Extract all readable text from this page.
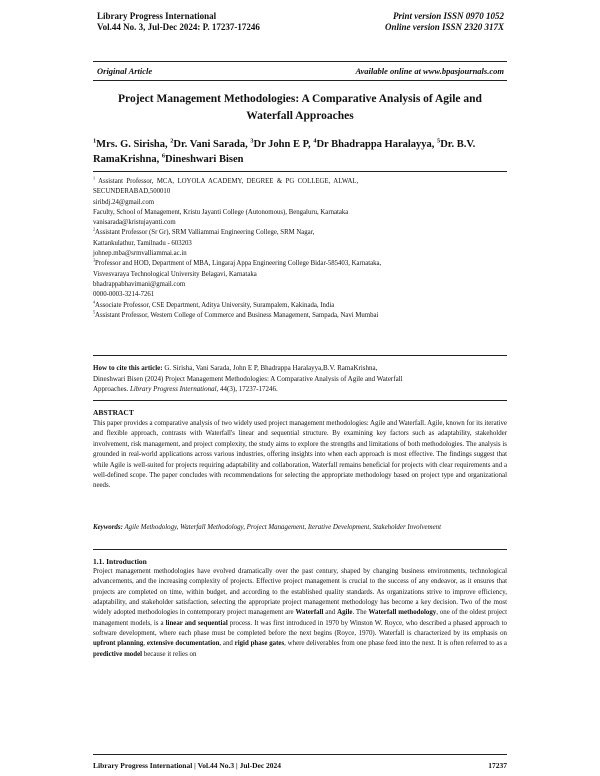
Library Progress International
Vol.44 No. 3, Jul-Dec 2024: P. 17237-17246
Print version ISSN 0970 1052
Online version ISSN 2320 317X
Original Article	Available online at www.bpasjournals.com
Project Management Methodologies: A Comparative Analysis of Agile and
Waterfall Approaches
$^1$Mrs. G. Sirisha, $^2$Dr. Vani Sarada, $^3$Dr John E P, $^4$Dr Bhadrappa Haralayya, $^5$Dr. B.V.
RamaKrishna, $^6$Dineshwari Bisen
$^1$  Assistant  Professor,  MCA,  LOYOLA  ACADEMY,  DEGREE  &  PG  COLLEGE,  ALWAL,
SECUNDERABAD,500010
siribdj.24@gmail.com
Faculty, School of Management, Kristu Jayanti College (Autonomous), Bengaluru, Karnataka
vanisarada@kristujayanti.com
$^2$Assistant Professor (Sr Gr), SRM Valliammai Engineering College, SRM Nagar,
Kattankulathur, Tamilnadu - 603203
johnep.mba@srmvalliammai.ac.in
$^3$Professor and HOD, Department of MBA, Lingaraj Appa Engineering College Bidar-585403, Karnataka,
Visvesvaraya Technological University Belagavi, Karnataka
bhadrappabhavimani@gmail.com
0000-0003-3214-7261
$^4$Associate Professor, CSE Department, Aditya University, Surampalem, Kakinada, India
$^5$Assistant Professor, Western College of Commerce and Business Management, Sampada, Navi Mumbai
How to cite this article: G. Sirisha, Vani Sarada, John E P, Bhadrappa Haralayya,B.V. RamaKrishna,
Dineshwari Bisen (2024) Project Management Methodologies: A Comparative Analysis of Agile and Waterfall
Approaches. Library Progress International, 44(3), 17237-17246.
ABSTRACT
This paper provides a comparative analysis of two widely used project management methodologies: Agile and Waterfall. Agile, known for its iterative and flexible approach, contrasts with Waterfall's linear and sequential structure. By examining key factors such as adaptability, stakeholder involvement, risk management, and project complexity, the study aims to explore the strengths and limitations of both methodologies. The analysis is grounded in real-world applications across various industries, offering insights into when each approach is most effective. The findings suggest that while Agile is well-suited for projects requiring adaptability and collaboration, Waterfall remains beneficial for projects with clear requirements and a well-defined scope. The paper concludes with recommendations for selecting the appropriate methodology based on project type and organizational needs.
Keywords: Agile Methodology, Waterfall Methodology, Project Management, Iterative Development, Stakeholder Involvement
1.1. Introduction
Project management methodologies have evolved dramatically over the past century, shaped by changing business environments, technological advancements, and the increasing complexity of projects. Effective project management is crucial to the success of any endeavor, as it ensures that projects are completed on time, within budget, and according to the established quality standards. As organizations strive to improve efficiency, adaptability, and stakeholder satisfaction, selecting the appropriate project management methodology has become a key decision. Two of the most widely adopted methodologies in contemporary project management are Waterfall and Agile. The Waterfall methodology, one of the oldest project management models, is a linear and sequential process. It was first introduced in 1970 by Winston W. Royce, who described a phased approach to software development, where each phase must be completed before the next begins (Royce, 1970). Waterfall is characterized by its emphasis on upfront planning, extensive documentation, and rigid phase gates, where deliverables from one phase feed into the next. It is often referred to as a predictive model because it relies on
Library Progress International | Vol.44 No.3 | Jul-Dec 2024	17237
